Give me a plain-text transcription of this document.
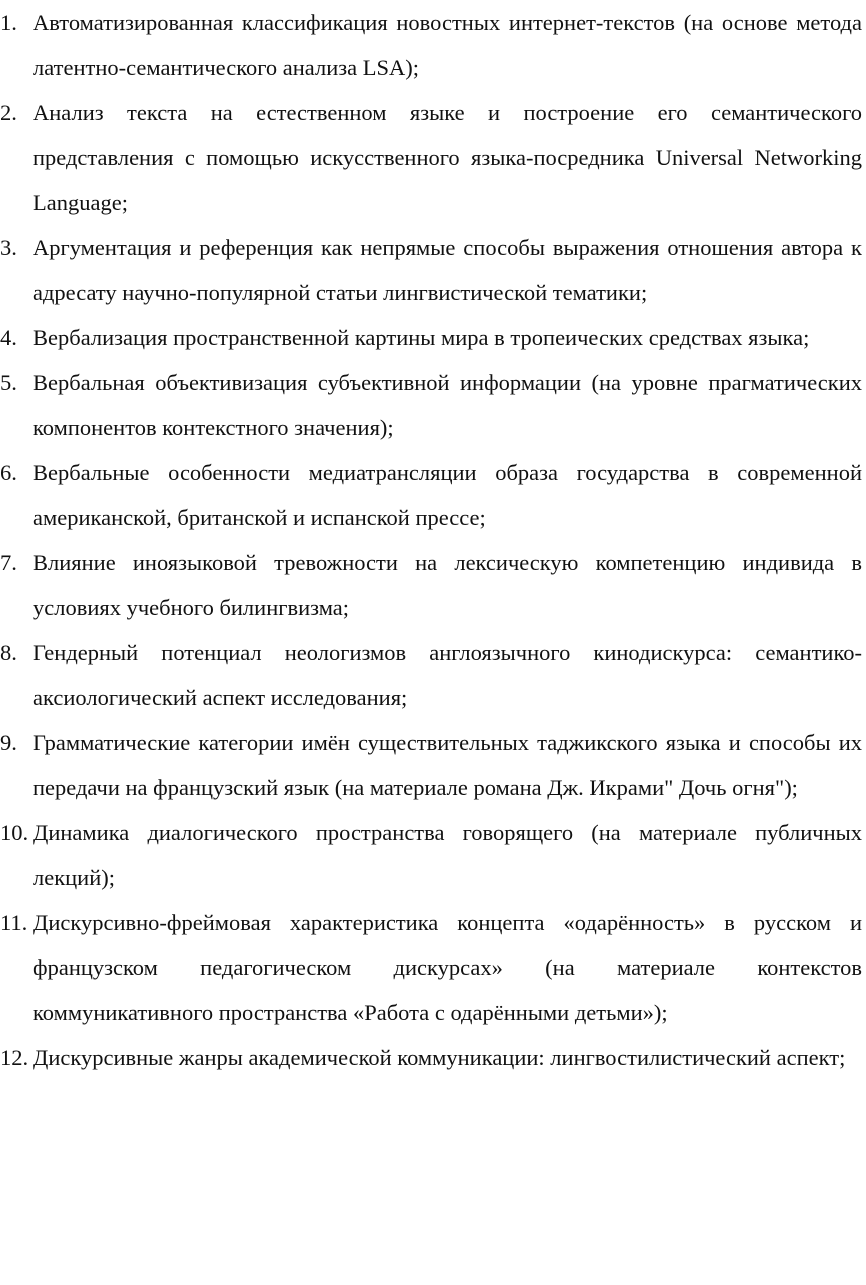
1. Автоматизированная классификация новостных интернет-текстов (на основе метода латентно-семантического анализа LSA);
2. Анализ текста на естественном языке и построение его семантического представления с помощью искусственного языка-посредника Universal Networking Language;
3. Аргументация и референция как непрямые способы выражения отношения автора к адресату научно-популярной статьи лингвистической тематики;
4. Вербализация пространственной картины мира в тропеических средствах языка;
5. Вербальная объективизация субъективной информации (на уровне прагматических компонентов контекстного значения);
6. Вербальные особенности медиатрансляции образа государства в современной американской, британской и испанской прессе;
7. Влияние иноязыковой тревожности на лексическую компетенцию индивида в условиях учебного билингвизма;
8. Гендерный потенциал неологизмов англоязычного кинодискурса: семантико-аксиологический аспект исследования;
9. Грамматические категории имён существительных таджикского языка и способы их передачи на французский язык (на материале романа Дж. Икрами" Дочь огня");
10. Динамика диалогического пространства говорящего (на материале публичных лекций);
11. Дискурсивно-фреймовая характеристика концепта «одарённость» в русском и французском педагогическом дискурсах» (на материале контекстов коммуникативного пространства «Работа с одарёнными детьми»);
12. Дискурсивные жанры академической коммуникации: лингвостилистический аспект;
